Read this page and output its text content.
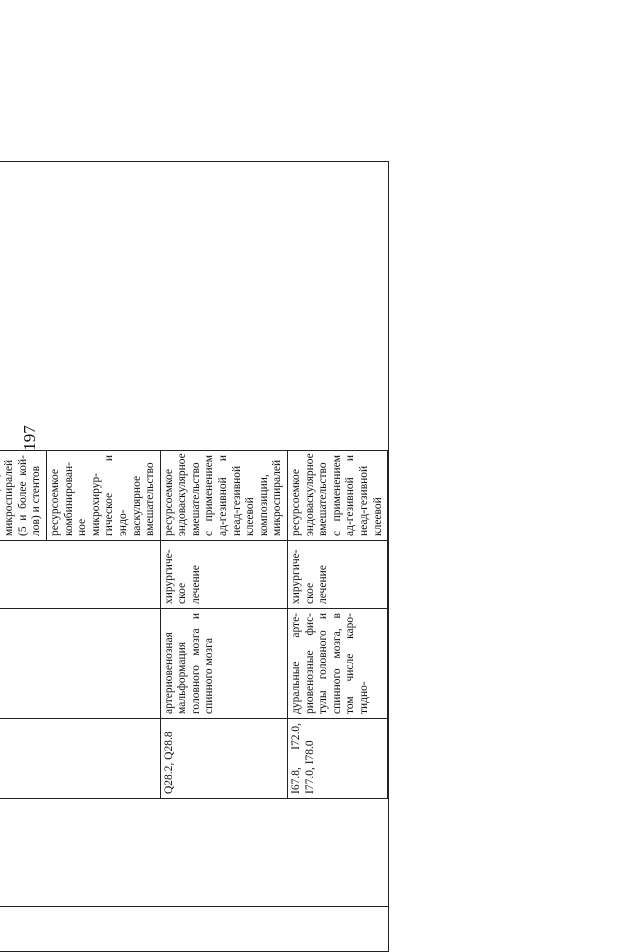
197

					микроспиралей (5 и более кой-лов) и стентов	
					ресурсоемкое комбинирован-ное микрохирур-гическое и эндо-васкулярное вмешательство	
		Q28.2, Q28.8	артериовенозная мальформация головного мозга и спинного мозга	хирургиче-ское лечение	ресурсоемкое эндоваскулярное вмешательство с применением ад-гезивной и неад-гезивной клеевой композиции, микроспиралей	
		I67.8, I72.0, I77.0, I78.0	дуральные арте-риовенозные фис-тулы головного и спинного мозга, в том числе каро-тидно-	хирургиче-ское лечение	ресурсоемкое эндоваскулярное вмешательство с применением ад-гезивной и неад-гезивной клеевой	
